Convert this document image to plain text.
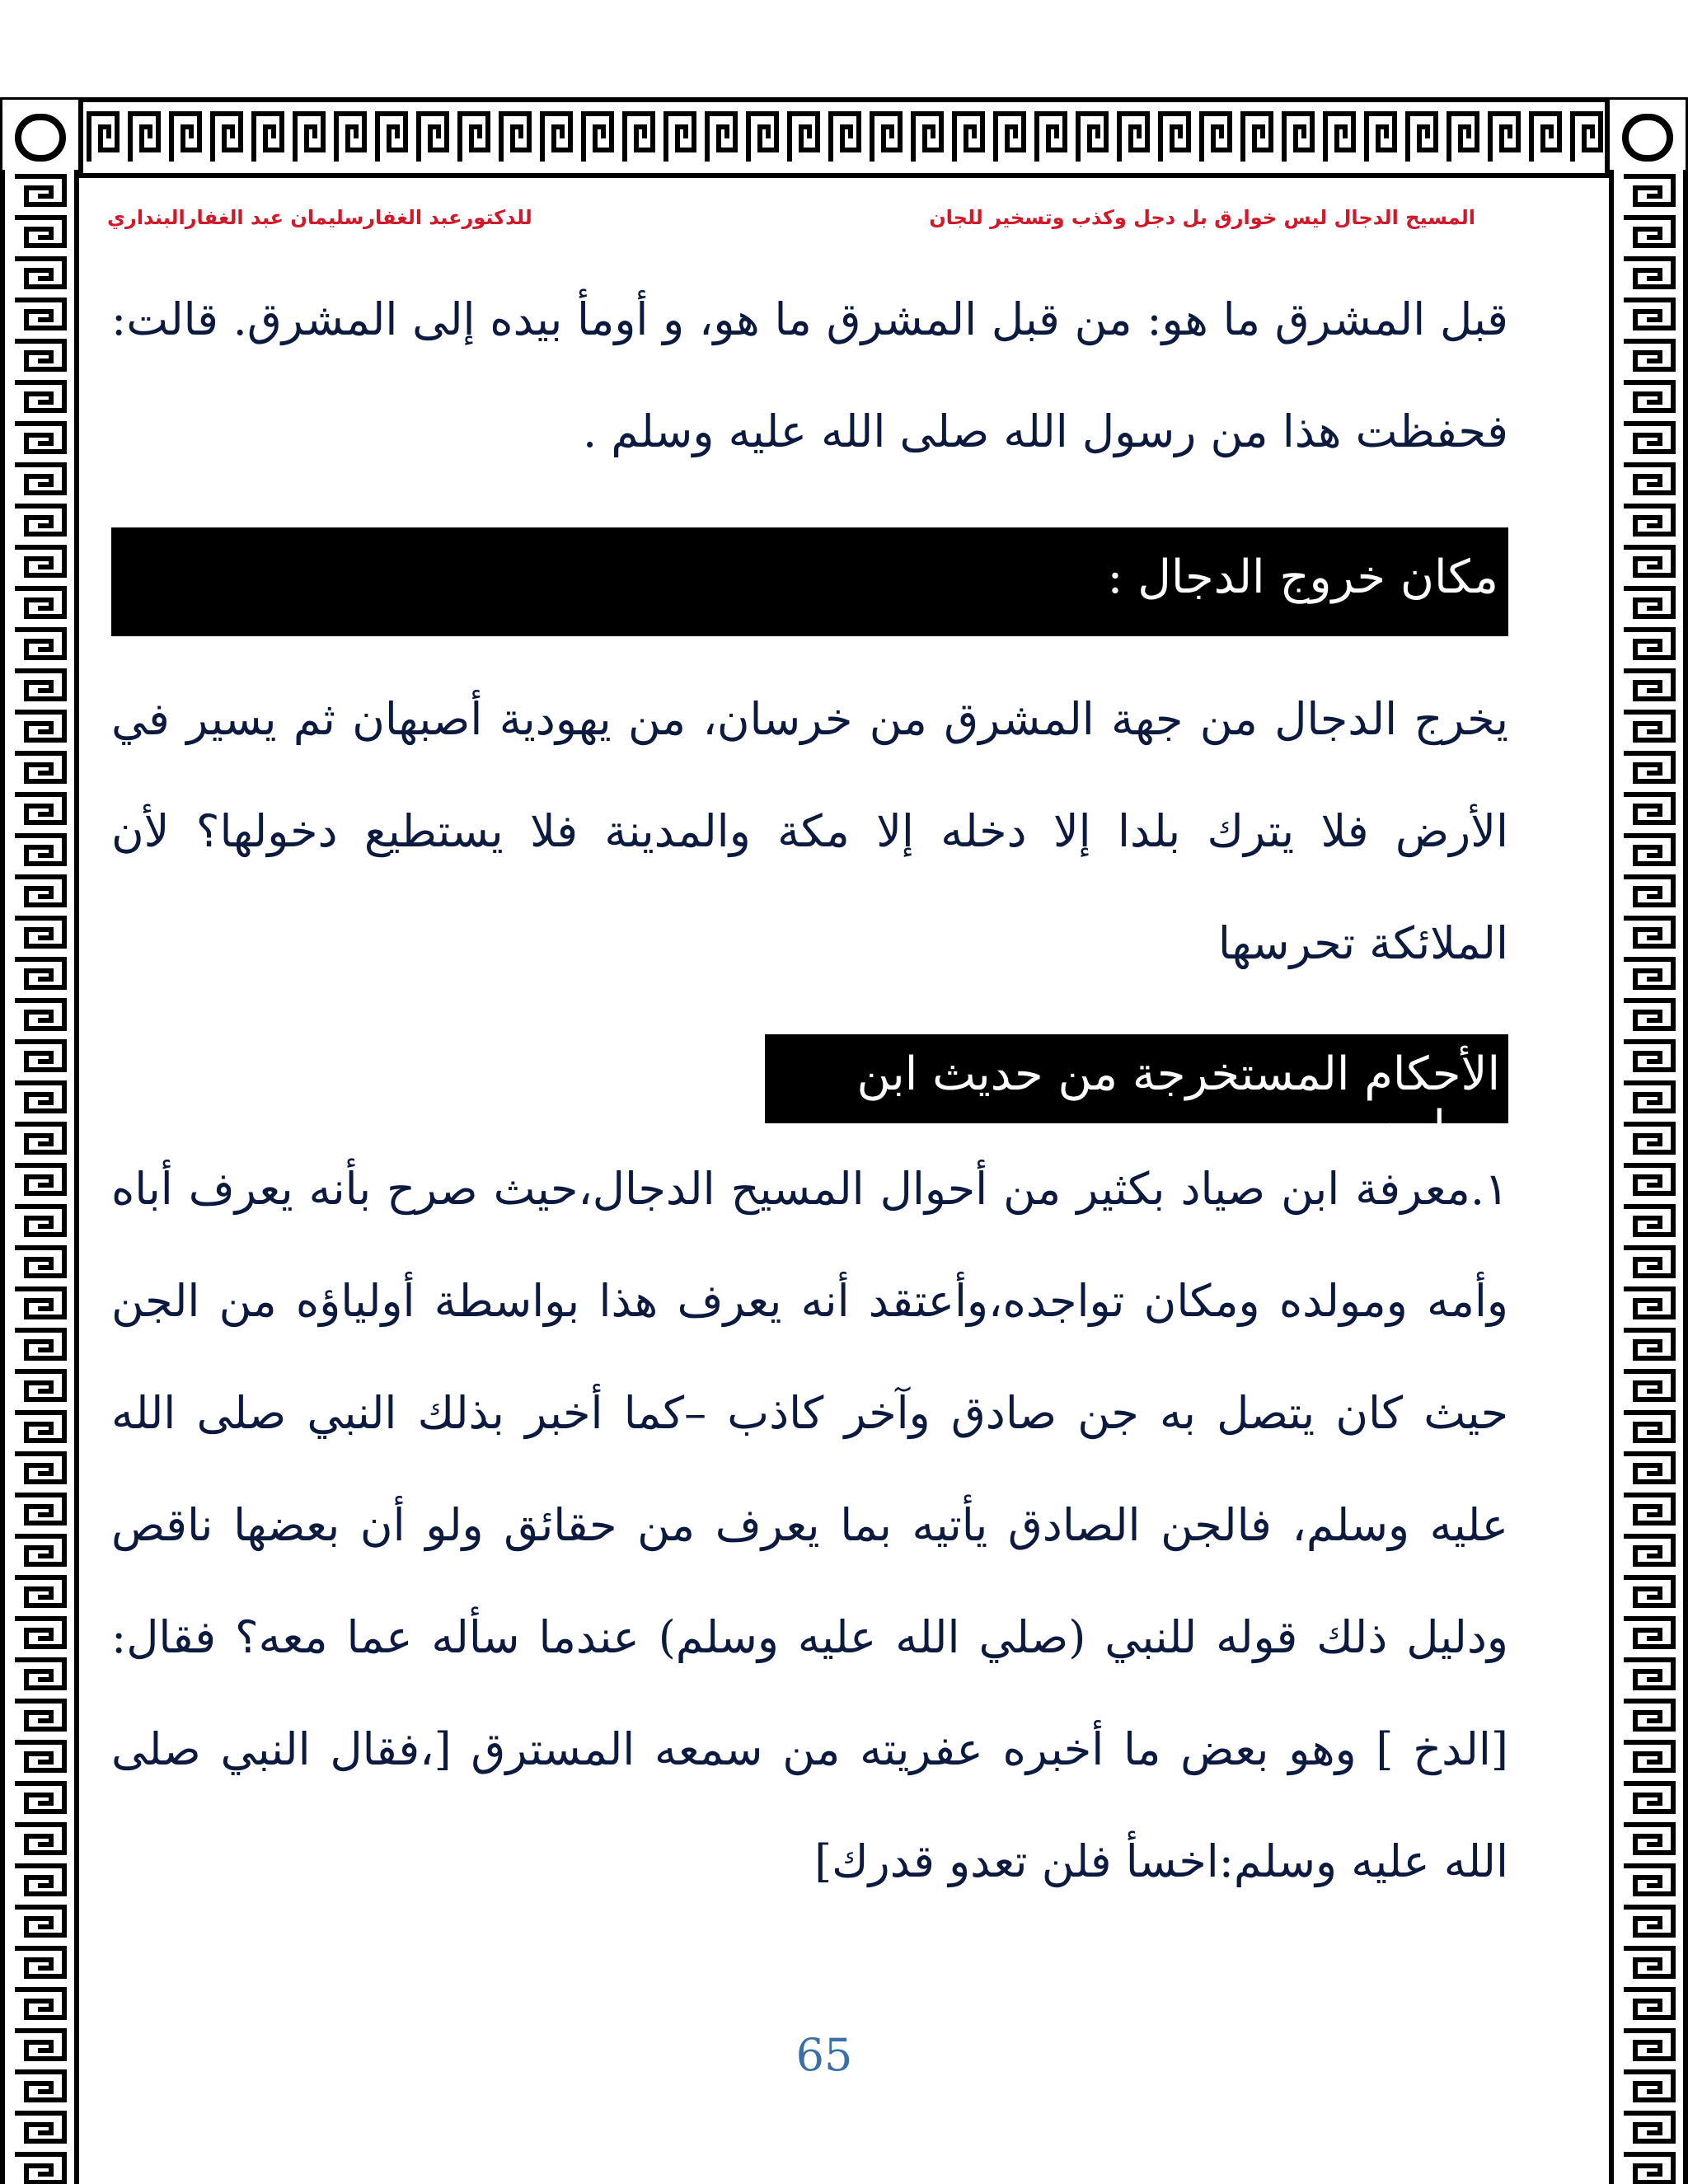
المسيح الدجال ليس خوارق بل دجل وكذب وتسخير للجان
للدكتورعبد الغفارسليمان عبد الغفارالبنداري
قبل المشرق ما هو: من قبل المشرق ما هو، و أومأ بيده إلى المشرق. قالت: فحفظت هذا من رسول الله صلى الله عليه وسلم .
مكان خروج الدجال :
يخرج الدجال من جهة المشرق من خرسان، من يهودية أصبهان ثم يسير في الأرض فلا يترك بلدا إلا دخله إلا مكة والمدينة فلا يستطيع دخولها؟ لأن الملائكة تحرسها
الأحكام المستخرجة من حديث ابن صياد :
١.معرفة ابن صياد بكثير من أحوال المسيح الدجال،حيث صرح بأنه يعرف أباه وأمه ومولده ومكان تواجده،وأعتقد أنه يعرف هذا بواسطة أولياؤه من الجن حيث كان يتصل به جن صادق وآخر كاذب –كما أخبر بذلك النبي صلى الله عليه وسلم، فالجن الصادق يأتيه بما يعرف من حقائق ولو أن بعضها ناقص ودليل ذلك قوله للنبي (صلي الله عليه وسلم) عندما سأله عما معه؟ فقال:[الدخ ] وهو بعض ما أخبره عفريته من سمعه المسترق [،فقال النبي صلى الله عليه وسلم:اخسأ فلن تعدو قدرك]
65
